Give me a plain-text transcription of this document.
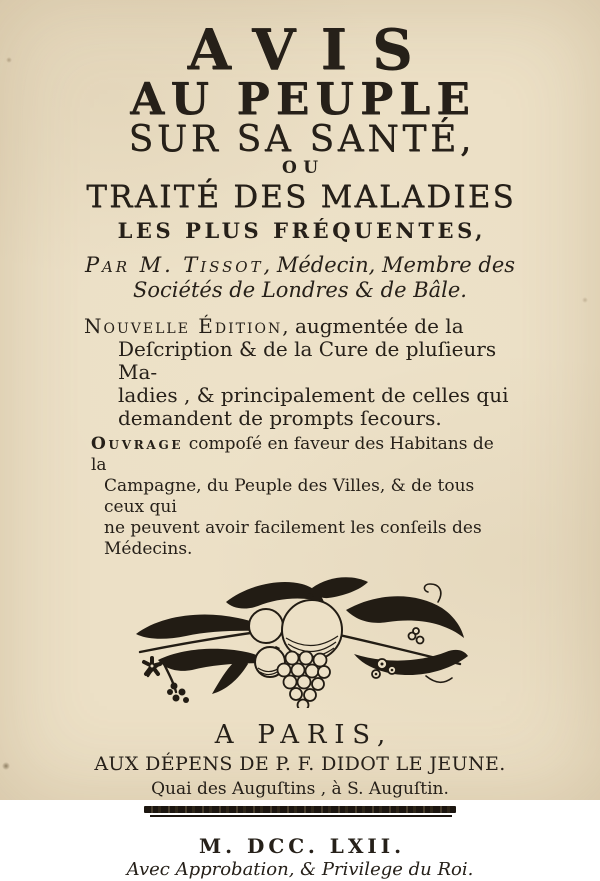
AVIS
AU PEUPLE
SUR SA SANTÉ,
OU
TRAITÉ DES MALADIES
LES PLUS FRÉQUENTES,
Par M. Tissot, Médecin, Membre des
Sociétés de Londres & de Bâle.
Nouvelle Édition, augmentée de la
Deſcription & de la Cure de pluſieurs Ma-
ladies , & principalement de celles qui
demandent de prompts ſecours.
Ouvrage compoſé en faveur des Habitans de la
Campagne, du Peuple des Villes, & de tous ceux qui
ne peuvent avoir facilement les conſeils des Médecins.
A PARIS,
AUX DÉPENS DE P. F. DIDOT LE JEUNE.
Quai des Auguſtins , à S. Auguſtin.
M. DCC. LXII.
Avec Approbation, & Privilege du Roi.
